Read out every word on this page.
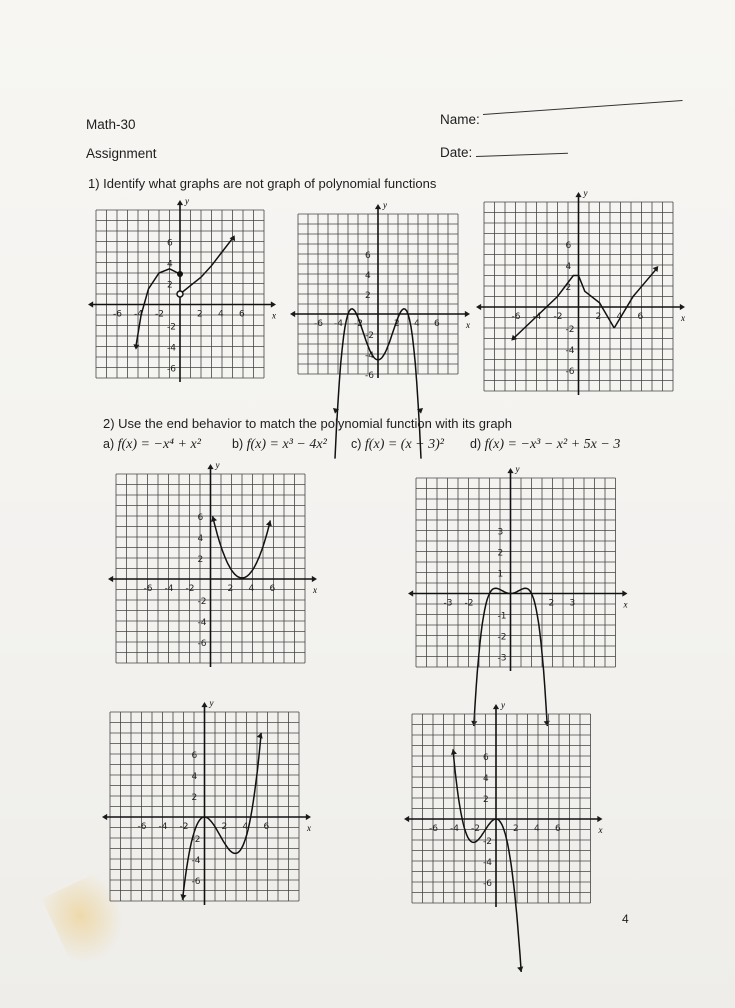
Math-30
Assignment
Name:
Date:
1) Identify what graphs are not graph of polynomial functions
x
y
6
4
2
-2
-4
-6
-6 -4 -2	2 4 6
x
y
6
4
2
-2
-4
-6
-6 -4 -2	2 4 6
x
y
6
4
2
-2
-4
-6
-6 -4 -2	2 4 6
2) Use the end behavior to match the polynomial function with its graph
a) f(x) = −x⁴ + x² b) f(x) = x³ − 4x² c) f(x) = (x − 3)² d) f(x) = −x³ − x² + 5x − 3
x
y
6
4
2
-2
-4
-6
-6 -4 -2	2 4 6
x
y
3
2
1
-1
-2
-3
-3 -2	2 3
x
y
6
4
2
-2
-4
-6
-6 -4 -2	2 4 6	x
y
6
4
2
-2
-4
-6
-6 -4 -2	2 4 6
4
